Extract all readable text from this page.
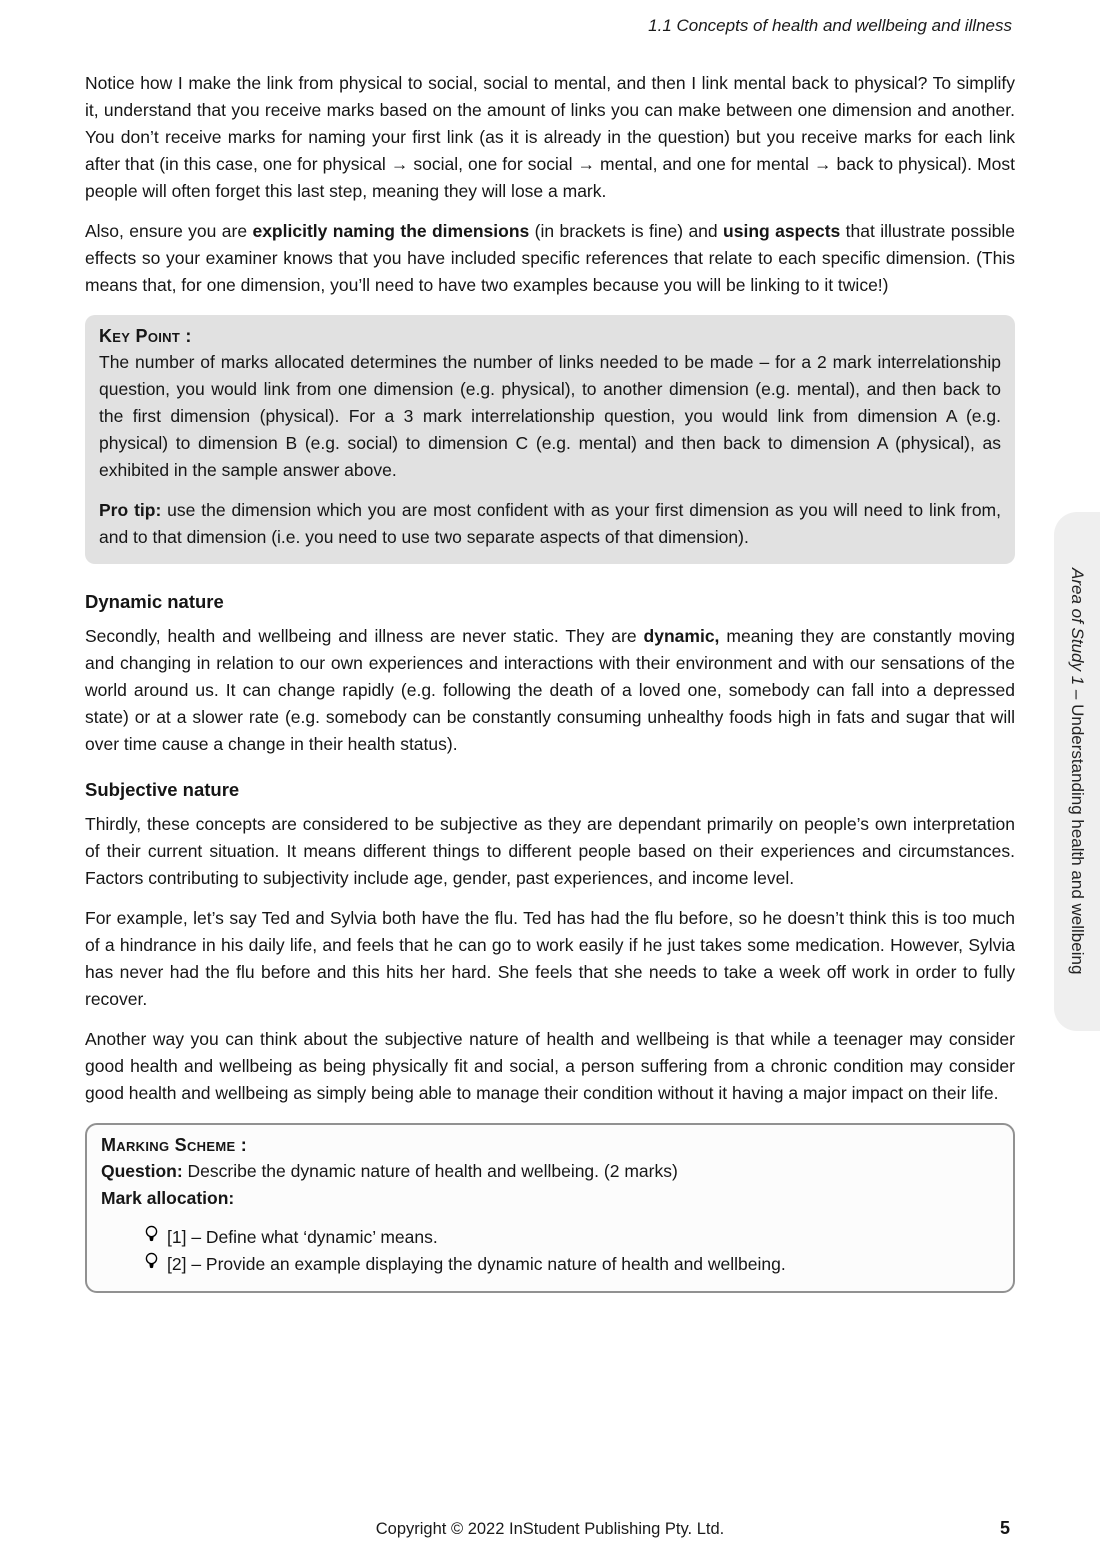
1.1 Concepts of health and wellbeing and illness

Notice how I make the link from physical to social, social to mental, and then I link mental back to physical? To simplify it, understand that you receive marks based on the amount of links you can make between one dimension and another. You don’t receive marks for naming your first link (as it is already in the question) but you receive marks for each link after that (in this case, one for physical → social, one for social → mental, and one for mental → back to physical). Most people will often forget this last step, meaning they will lose a mark.

Also, ensure you are explicitly naming the dimensions (in brackets is fine) and using aspects that illustrate possible effects so your examiner knows that you have included specific references that relate to each specific dimension. (This means that, for one dimension, you’ll need to have two examples because you will be linking to it twice!)

Key Point :

The number of marks allocated determines the number of links needed to be made – for a 2 mark interrelationship question, you would link from one dimension (e.g. physical), to another dimension (e.g. mental), and then back to the first dimension (physical). For a 3 mark interrelationship question, you would link from dimension A (e.g. physical) to dimension B (e.g. social) to dimension C (e.g. mental) and then back to dimension A (physical), as exhibited in the sample answer above.

Pro tip: use the dimension which you are most confident with as your first dimension as you will need to link from, and to that dimension (i.e. you need to use two separate aspects of that dimension).

Dynamic nature

Secondly, health and wellbeing and illness are never static. They are dynamic, meaning they are constantly moving and changing in relation to our own experiences and interactions with their environment and with our sensations of the world around us. It can change rapidly (e.g. following the death of a loved one, somebody can fall into a depressed state) or at a slower rate (e.g. somebody can be constantly consuming unhealthy foods high in fats and sugar that will over time cause a change in their health status).

Subjective nature

Thirdly, these concepts are considered to be subjective as they are dependant primarily on people’s own interpretation of their current situation. It means different things to different people based on their experiences and circumstances. Factors contributing to subjectivity include age, gender, past experiences, and income level.

For example, let’s say Ted and Sylvia both have the flu. Ted has had the flu before, so he doesn’t think this is too much of a hindrance in his daily life, and feels that he can go to work easily if he just takes some medication. However, Sylvia has never had the flu before and this hits her hard. She feels that she needs to take a week off work in order to fully recover.

Another way you can think about the subjective nature of health and wellbeing is that while a teenager may consider good health and wellbeing as being physically fit and social, a person suffering from a chronic condition may consider good health and wellbeing as simply being able to manage their condition without it having a major impact on their life.

Marking Scheme :
Question: Describe the dynamic nature of health and wellbeing. (2 marks)
Mark allocation:
[1] – Define what ‘dynamic’ means.
[2] – Provide an example displaying the dynamic nature of health and wellbeing.
Area of Study 1 – Understanding health and wellbeing
Copyright © 2022 InStudent Publishing Pty. Ltd.	5
